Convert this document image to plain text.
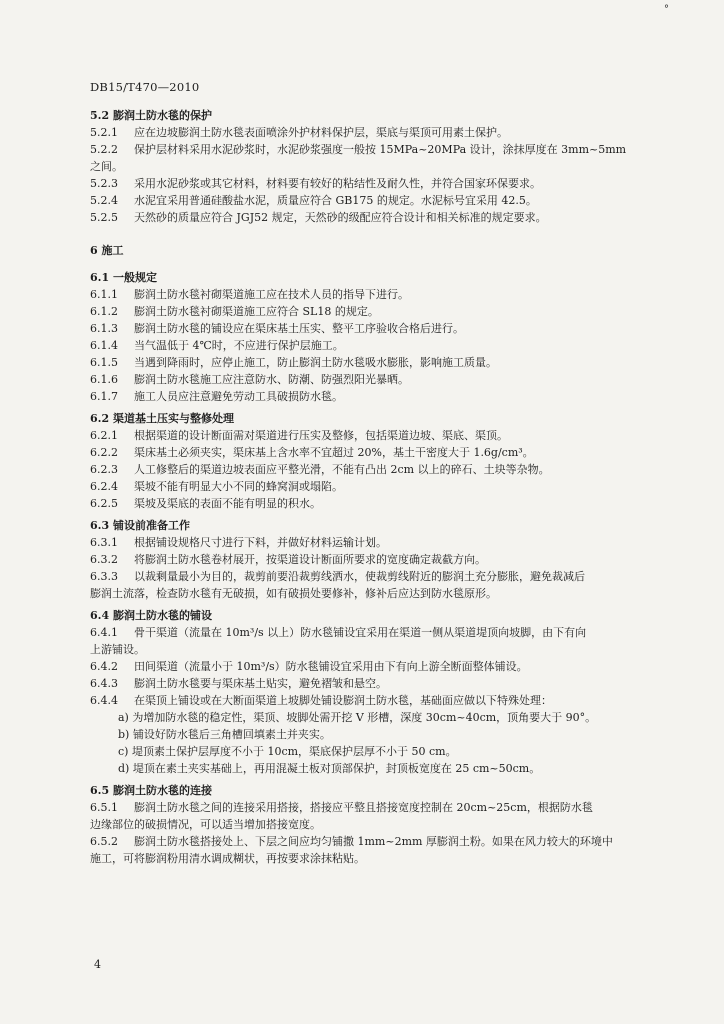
°
DB15/T470—2010
5.2 膨润土防水毯的保护
5.2.1 应在边坡膨润土防水毯表面喷涂外护材料保护层，渠底与渠顶可用素土保护。
5.2.2 保护层材料采用水泥砂浆时，水泥砂浆强度一般按 15MPa~20MPa 设计，涂抹厚度在 3mm~5mm
之间。
5.2.3 采用水泥砂浆或其它材料，材料要有较好的粘结性及耐久性，并符合国家环保要求。
5.2.4 水泥宜采用普通硅酸盐水泥，质量应符合 GB175 的规定。水泥标号宜采用 42.5。
5.2.5 天然砂的质量应符合 JGJ52 规定，天然砂的级配应符合设计和相关标准的规定要求。
6 施工
6.1 一般规定
6.1.1 膨润土防水毯衬砌渠道施工应在技术人员的指导下进行。
6.1.2 膨润土防水毯衬砌渠道施工应符合 SL18 的规定。
6.1.3 膨润土防水毯的铺设应在渠床基土压实、整平工序验收合格后进行。
6.1.4 当气温低于 4℃时，不应进行保护层施工。
6.1.5 当遇到降雨时，应停止施工，防止膨润土防水毯吸水膨胀，影响施工质量。
6.1.6 膨润土防水毯施工应注意防水、防潮、防强烈阳光暴晒。
6.1.7 施工人员应注意避免劳动工具破损防水毯。
6.2 渠道基土压实与整修处理
6.2.1 根据渠道的设计断面需对渠道进行压实及整修，包括渠道边坡、渠底、渠顶。
6.2.2 渠床基土必须夹实，渠床基上含水率不宜超过 20%，基土干密度大于 1.6g/cm³。
6.2.3 人工修整后的渠道边坡表面应平整光滑，不能有凸出 2cm 以上的碎石、土块等杂物。
6.2.4 渠坡不能有明显大小不同的蜂窝洞或塌陷。
6.2.5 渠坡及渠底的表面不能有明显的积水。
6.3 铺设前准备工作
6.3.1 根据铺设规格尺寸进行下料，并做好材料运输计划。
6.3.2 将膨润土防水毯卷材展开，按渠道设计断面所要求的宽度确定裁截方向。
6.3.3 以裁剩量最小为目的，裁剪前要沿裁剪线洒水，使裁剪线附近的膨润土充分膨胀，避免裁减后
膨润土流落，检查防水毯有无破损，如有破损处要修补，修补后应达到防水毯原形。
6.4 膨润土防水毯的铺设
6.4.1 骨干渠道（流量在 10m³/s 以上）防水毯铺设宜采用在渠道一侧从渠道堤顶向坡脚，由下有向
上游铺设。
6.4.2 田间渠道（流量小于 10m³/s）防水毯铺设宜采用由下有向上游全断面整体铺设。
6.4.3 膨润土防水毯要与渠床基土贴实，避免褶皱和悬空。
6.4.4 在渠顶上铺设或在大断面渠道上坡脚处铺设膨润土防水毯，基础面应做以下特殊处理：
a) 为增加防水毯的稳定性，渠顶、坡脚处需开挖 V 形槽，深度 30cm~40cm，顶角要大于 90°。
b) 铺设好防水毯后三角槽回填素土并夹实。
c) 堤顶素土保护层厚度不小于 10cm，渠底保护层厚不小于 50 cm。
d) 堤顶在素土夹实基础上，再用混凝土板对顶部保护，封顶板宽度在 25 cm~50cm。
6.5 膨润土防水毯的连接
6.5.1 膨润土防水毯之间的连接采用搭接，搭接应平整且搭接宽度控制在 20cm~25cm，根据防水毯
边缘部位的破损情况，可以适当增加搭接宽度。
6.5.2 膨润土防水毯搭接处上、下层之间应均匀铺撒 1mm~2mm 厚膨润土粉。如果在风力较大的环境中
施工，可将膨润粉用清水调成糊状，再按要求涂抹粘贴。
4
